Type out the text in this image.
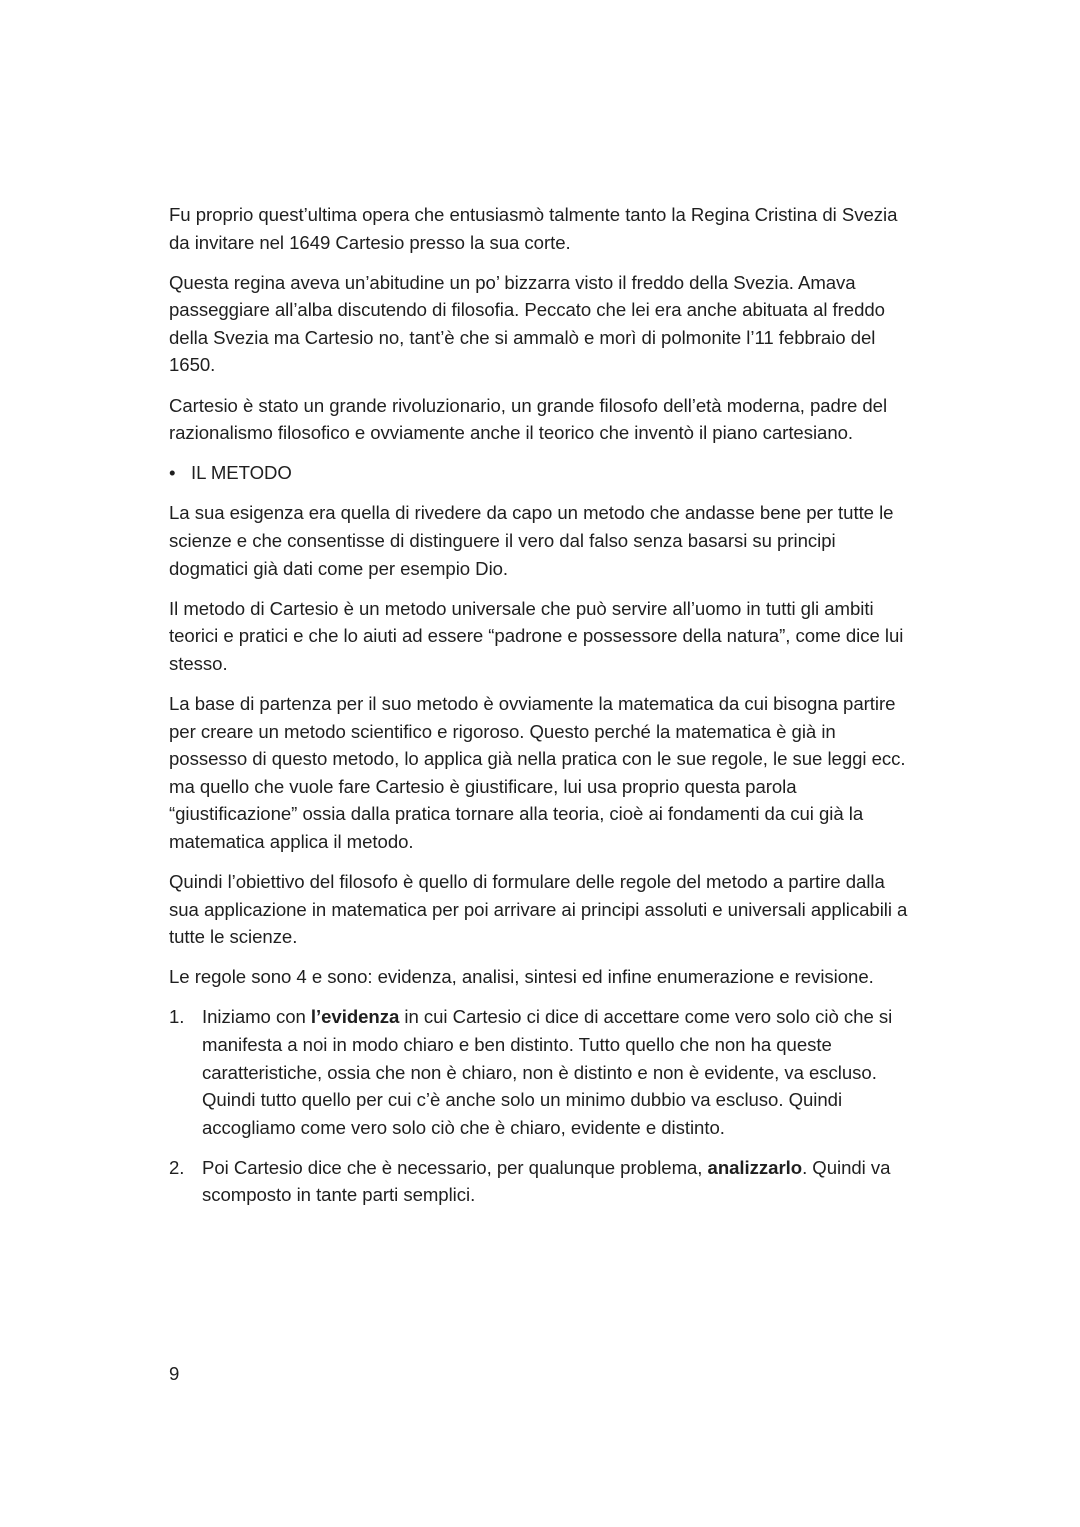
Fu proprio quest’ultima opera che entusiasmò talmente tanto la Regina Cristina di Svezia da invitare nel 1649 Cartesio presso la sua corte.

Questa regina aveva un’abitudine un po’ bizzarra visto il freddo della Svezia. Amava passeggiare all’alba discutendo di filosofia. Peccato che lei era anche abituata al freddo della Svezia ma Cartesio no, tant’è che si ammalò e morì di polmonite l’11 febbraio del 1650.

Cartesio è stato un grande rivoluzionario, un grande filosofo dell’età moderna, padre del razionalismo filosofico e ovviamente anche il teorico che inventò il piano cartesiano.

• IL METODO

La sua esigenza era quella di rivedere da capo un metodo che andasse bene per tutte le scienze e che consentisse di distinguere il vero dal falso senza basarsi su principi dogmatici già dati come per esempio Dio.

Il metodo di Cartesio è un metodo universale che può servire all’uomo in tutti gli ambiti teorici e pratici e che lo aiuti ad essere “padrone e possessore della natura”, come dice lui stesso.

La base di partenza per il suo metodo è ovviamente la matematica da cui bisogna partire per creare un metodo scientifico e rigoroso. Questo perché la matematica è già in possesso di questo metodo, lo applica già nella pratica con le sue regole, le sue leggi ecc. ma quello che vuole fare Cartesio è giustificare, lui usa proprio questa parola “giustificazione” ossia dalla pratica tornare alla teoria, cioè ai fondamenti da cui già la matematica applica il metodo.

Quindi l’obiettivo del filosofo è quello di formulare delle regole del metodo a partire dalla sua applicazione in matematica per poi arrivare ai principi assoluti e universali applicabili a tutte le scienze.

Le regole sono 4 e sono: evidenza, analisi, sintesi ed infine enumerazione e revisione.

1. Iniziamo con l’evidenza in cui Cartesio ci dice di accettare come vero solo ciò che si manifesta a noi in modo chiaro e ben distinto. Tutto quello che non ha queste caratteristiche, ossia che non è chiaro, non è distinto e non è evidente, va escluso. Quindi tutto quello per cui c’è anche solo un minimo dubbio va escluso. Quindi accogliamo come vero solo ciò che è chiaro, evidente e distinto.
2. Poi Cartesio dice che è necessario, per qualunque problema, analizzarlo. Quindi va scomposto in tante parti semplici.
9
